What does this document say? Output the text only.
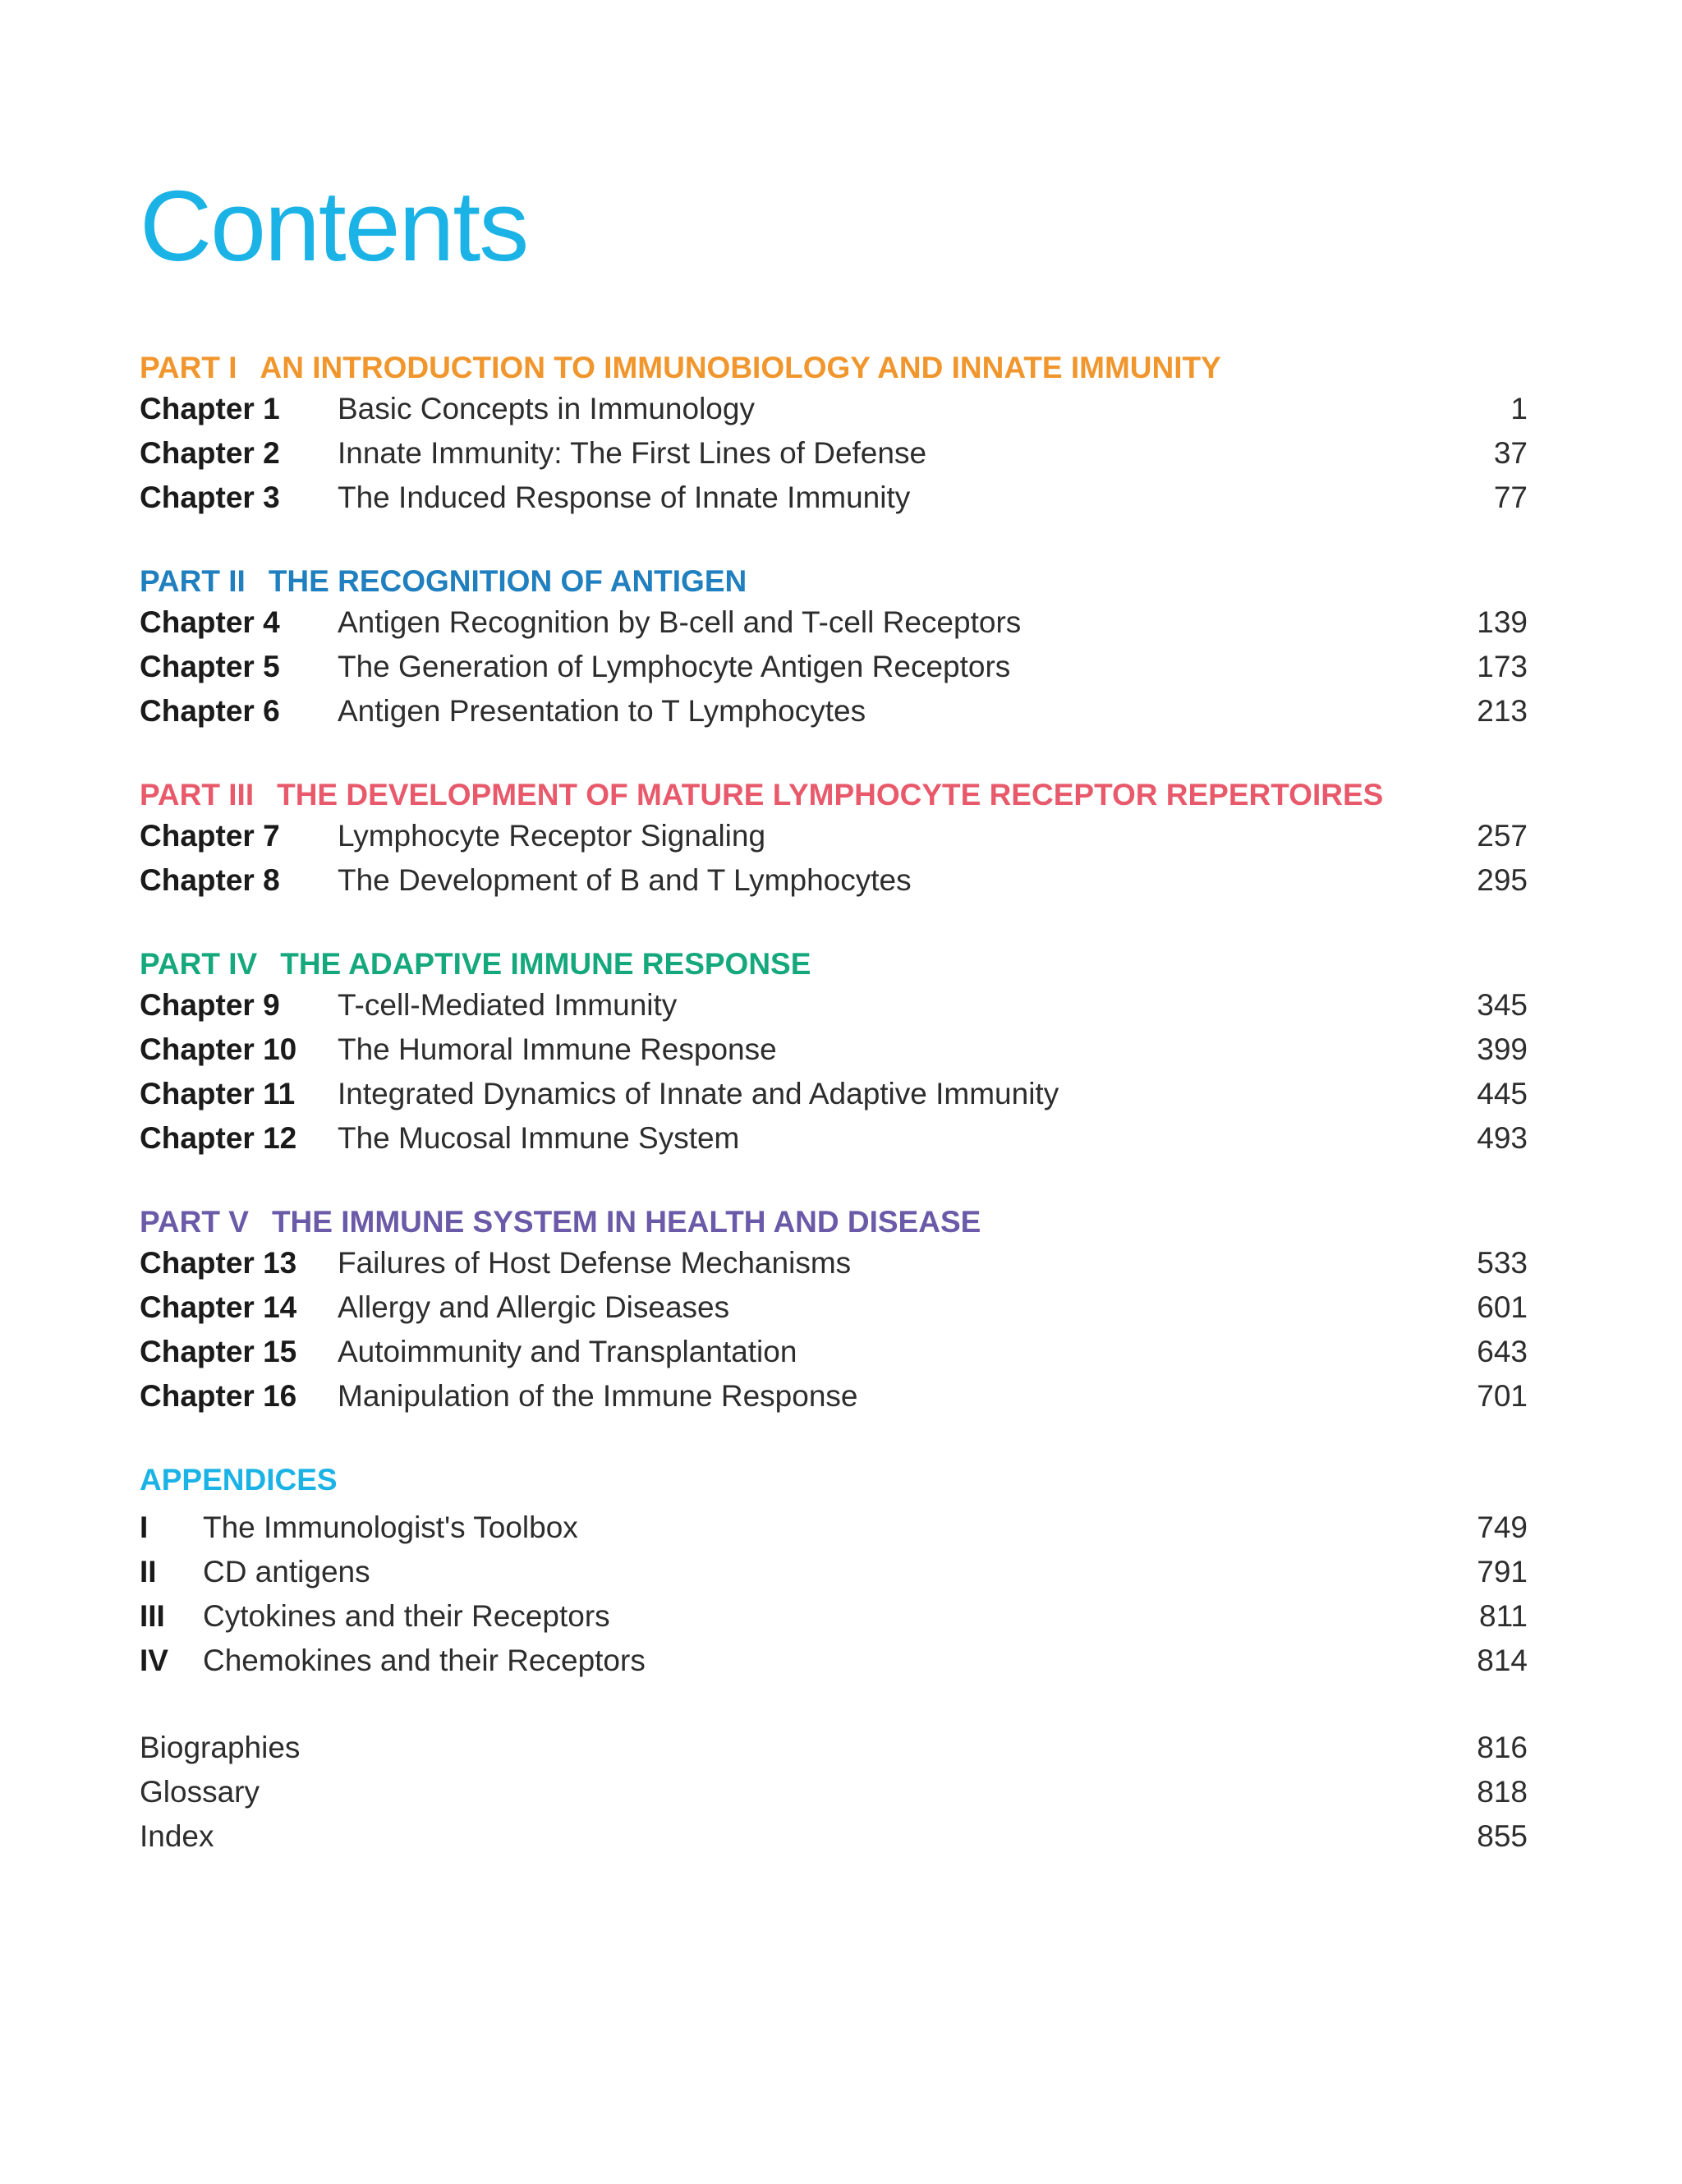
Contents
PART I AN INTRODUCTION TO IMMUNOBIOLOGY AND INNATE IMMUNITY
Chapter 1 Basic Concepts in Immunology	1
Chapter 2 Innate Immunity: The First Lines of Defense	37
Chapter 3 The Induced Response of Innate Immunity	77
PART II THE RECOGNITION OF ANTIGEN
Chapter 4 Antigen Recognition by B-cell and T-cell Receptors	139
Chapter 5 The Generation of Lymphocyte Antigen Receptors	173
Chapter 6 Antigen Presentation to T Lymphocytes	213
PART III THE DEVELOPMENT OF MATURE LYMPHOCYTE RECEPTOR REPERTOIRES
Chapter 7 Lymphocyte Receptor Signaling	257
Chapter 8 The Development of B and T Lymphocytes	295
PART IV THE ADAPTIVE IMMUNE RESPONSE
Chapter 9 T-cell-Mediated Immunity	345
Chapter 10 The Humoral Immune Response	399
Chapter 11 Integrated Dynamics of Innate and Adaptive Immunity	445
Chapter 12 The Mucosal Immune System	493
PART V THE IMMUNE SYSTEM IN HEALTH AND DISEASE
Chapter 13 Failures of Host Defense Mechanisms	533
Chapter 14 Allergy and Allergic Diseases	601
Chapter 15 Autoimmunity and Transplantation	643
Chapter 16 Manipulation of the Immune Response	701
APPENDICES
I The Immunologist's Toolbox	749
II CD antigens	791
III Cytokines and their Receptors	811
IV Chemokines and their Receptors	814
Biographies	816
Glossary	818
Index	855
